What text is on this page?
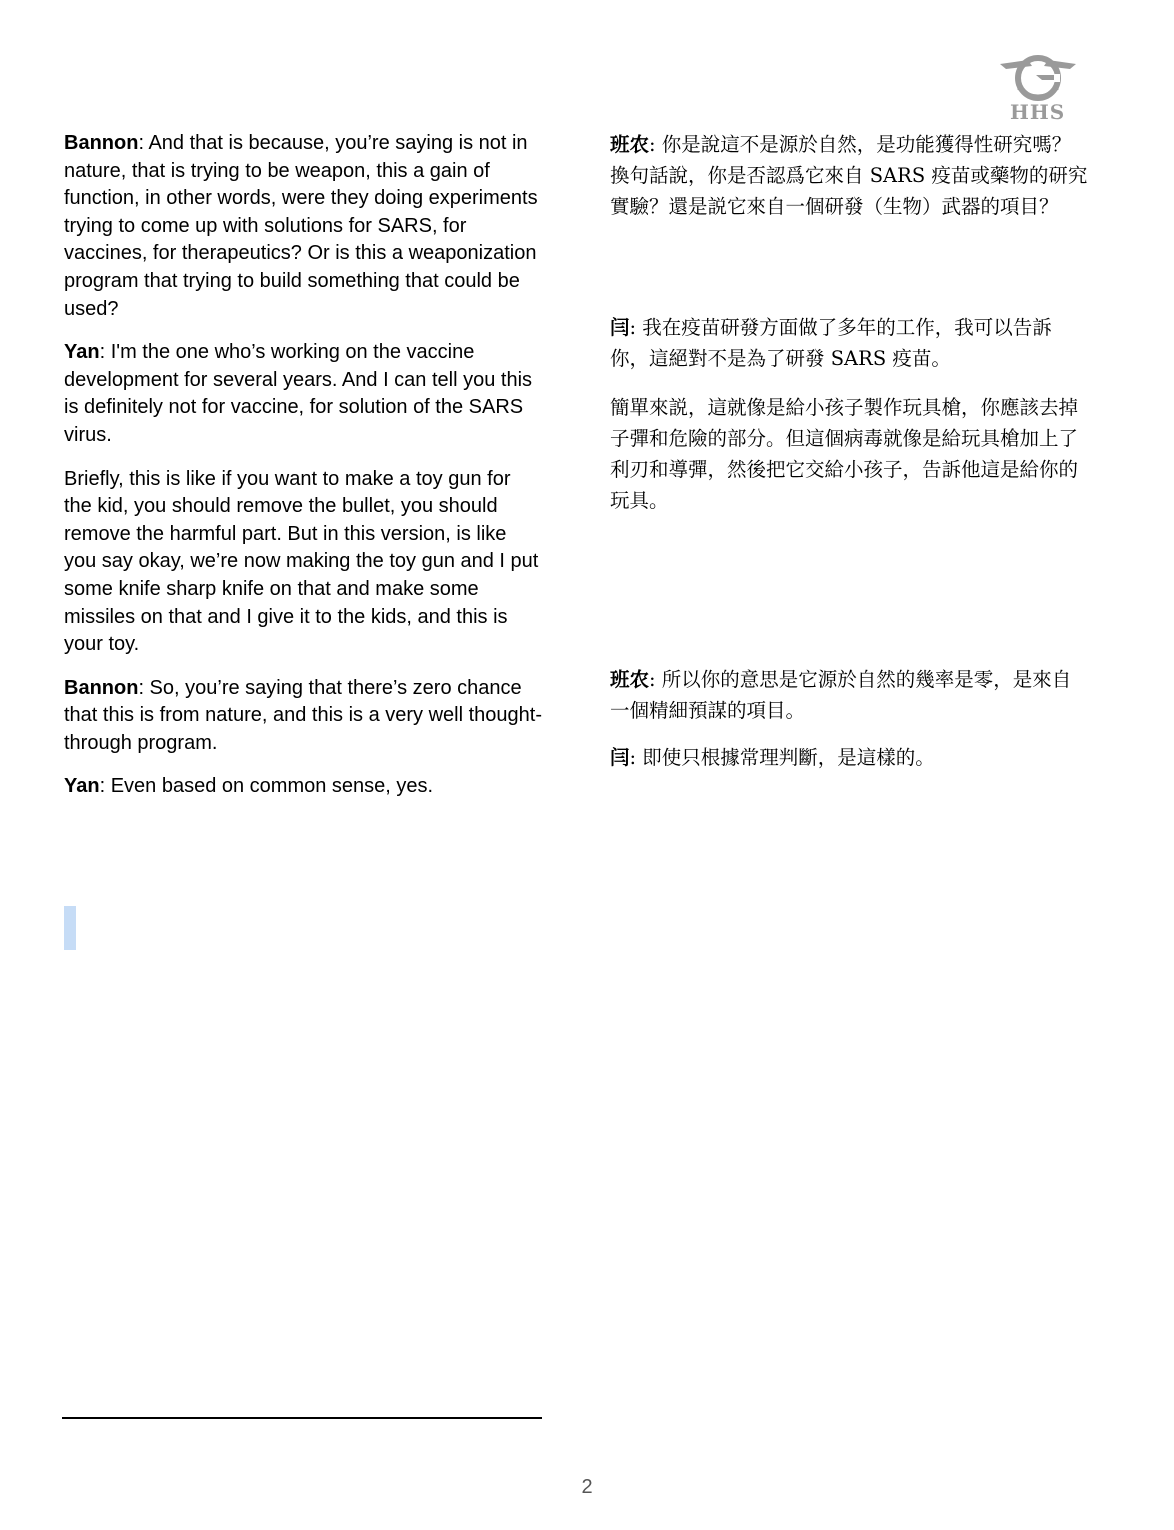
HHS

Bannon: And that is because, you’re saying is not in nature, that is trying to be weapon, this a gain of function, in other words, were they doing experiments trying to come up with solutions for SARS, for vaccines, for therapeutics? Or is this a weaponization program that trying to build something that could be used?

Yan: I'm the one who’s working on the vaccine development for several years. And I can tell you this is definitely not for vaccine, for solution of the SARS virus.

Briefly, this is like if you want to make a toy gun for the kid, you should remove the bullet, you should remove the harmful part. But in this version, is like you say okay, we’re now making the toy gun and I put some knife sharp knife on that and make some missiles on that and I give it to the kids, and this is your toy.

Bannon: So, you’re saying that there’s zero chance that this is from nature, and this is a very well thought-through program.

Yan: Even based on common sense, yes.

班农: 你是說這不是源於自然，是功能獲得性研究嗎？換句話說，你是否認爲它來自 SARS 疫苗或藥物的研究實驗？還是説它來自一個研發（生物）武器的項目？

闫: 我在疫苗研發方面做了多年的工作，我可以告訴你，這絕對不是為了研發 SARS 疫苗。

簡單來説，這就像是給小孩子製作玩具槍，你應該去掉子彈和危險的部分。但這個病毒就像是給玩具槍加上了利刃和導彈，然後把它交給小孩子，告訴他這是給你的玩具。

班农: 所以你的意思是它源於自然的幾率是零，是來自一個精細預謀的項目。

闫: 即使只根據常理判斷，是這樣的。

2
